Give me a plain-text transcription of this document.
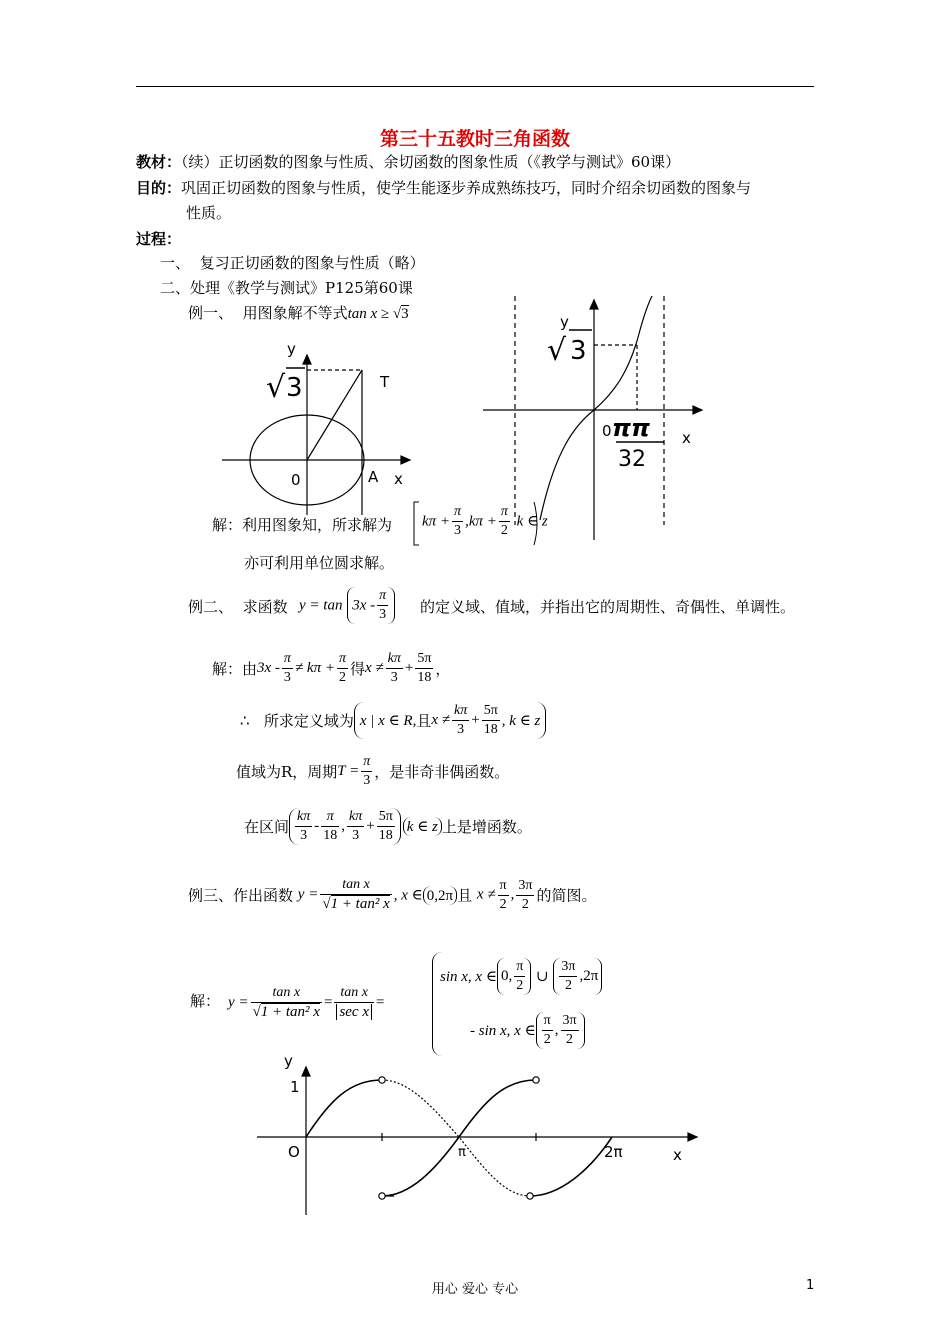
第三十五教时三角函数
教材：（续）正切函数的图象与性质、余切函数的图象性质（《教学与测试》60课）
目的：巩固正切函数的图象与性质，使学生能逐步养成熟练技巧，同时介绍余切函数的图象与
性质。
过程：
一、 复习正切函数的图象与性质（略）
二、处理《教学与测试》P125第60课
例一、 用图象解不等式tan x ≥ √3
y
√ 3	T
0	A x
y
√ 3
0 ππ
32
x
y
1
O	π	2π	x
解：利用图象知，所求解为 $k\pi + \frac{\pi}{3} ,k\pi + \frac{\pi}{2}$ k ∈ z
亦可利用单位圆求解。
例二、 求函数 $y = \tan 3x - \frac{\pi}{3}$ 的定义域、值域，并指出它的周期性、奇偶性、单调性。
解：由$3x - \frac{\pi}{3} \ne k\pi + \frac{\pi}{2}$ 得$x \ne \frac{k\pi}{3} + \frac{5\pi}{18}$ ，
∴ 所求定义域为 x | x ∈ R,且$x \ne \frac{k\pi}{3} + \frac{5\pi}{18}$ , k ∈ z
值域为R，周期$T = \frac{\pi}{3}$ ，是非奇非偶函数。
在区间 $\frac{k\pi}{3} - \frac{\pi}{18}$ , $\frac{k\pi}{3} + \frac{5\pi}{18}$ k ∈ z 上是增函数。
例三、作出函数 $y = \frac{\text{tan x}}{\text{√1 + tan² x}}$ , x ∈ 0,2π 且 $x \ne \frac{\pi}{2}$ , $\frac{3\pi}{2}$ 的简图。
解： $y = \frac{\text{tan x}}{\text{√1 + tan² x}}$ =
tan x
sec x
=
sin x, x ∈ 0, $\frac{\pi}{2}$ ∪ $\frac{3\pi}{2} ,2\pi$
- sin x, x ∈ $\frac{\pi}{2}$ , $\frac{3\pi}{2}$
用心 爱心 专心	1
